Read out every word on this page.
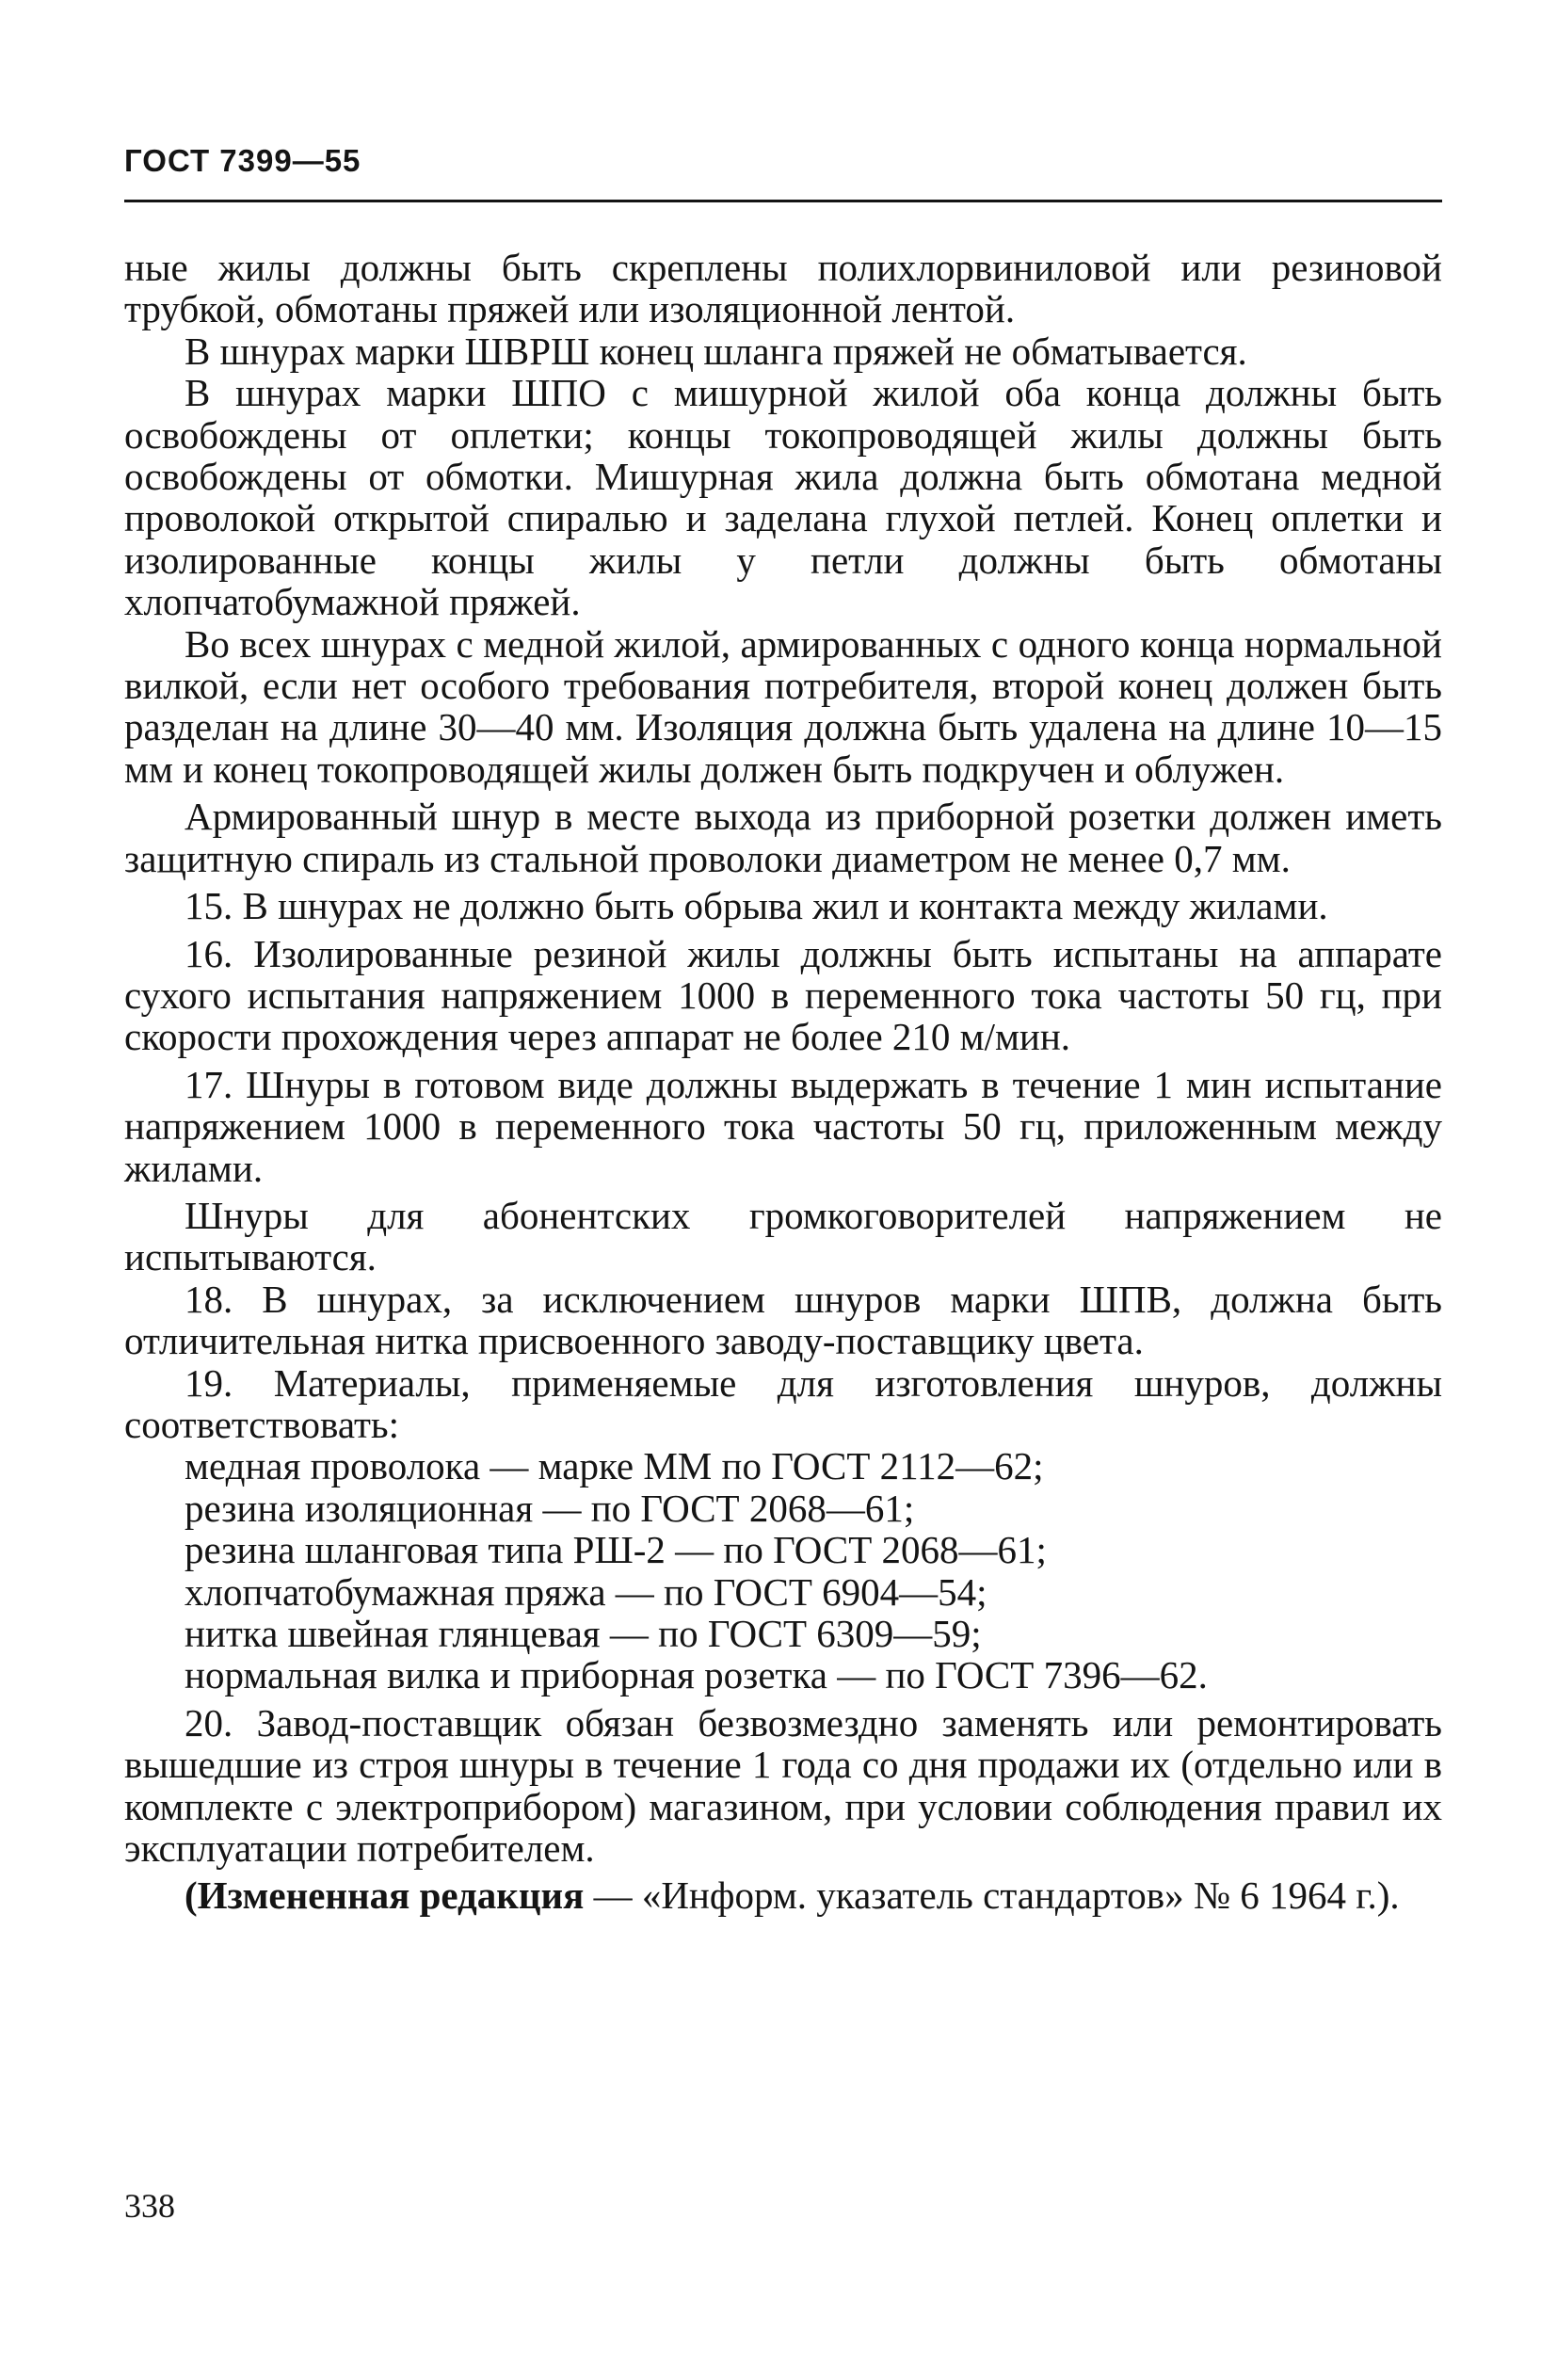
ГОСТ 7399—55

ные жилы должны быть скреплены полихлорвиниловой или резиновой трубкой, обмотаны пряжей или изоляционной лентой.

В шнурах марки ШВРШ конец шланга пряжей не обматывается.

В шнурах марки ШПО с мишурной жилой оба конца должны быть освобождены от оплетки; концы токопроводящей жилы должны быть освобождены от обмотки. Мишурная жила должна быть обмотана медной проволокой открытой спиралью и заделана глухой петлей. Конец оплетки и изолированные концы жилы у петли должны быть обмотаны хлопчатобумажной пряжей.

Во всех шнурах с медной жилой, армированных с одного конца нормальной вилкой, если нет особого требования потребителя, второй конец должен быть разделан на длине 30—40 мм. Изоляция должна быть удалена на длине 10—15 мм и конец токопроводящей жилы должен быть подкручен и облужен.

Армированный шнур в месте выхода из приборной розетки должен иметь защитную спираль из стальной проволоки диаметром не менее 0,7 мм.

15. В шнурах не должно быть обрыва жил и контакта между жилами.

16. Изолированные резиной жилы должны быть испытаны на аппарате сухого испытания напряжением 1000 в переменного тока частоты 50 гц, при скорости прохождения через аппарат не более 210 м/мин.

17. Шнуры в готовом виде должны выдержать в течение 1 мин испытание напряжением 1000 в переменного тока частоты 50 гц, приложенным между жилами.

Шнуры для абонентских громкоговорителей напряжением не испытываются.

18. В шнурах, за исключением шнуров марки ШПВ, должна быть отличительная нитка присвоенного заводу-поставщику цвета.

19. Материалы, применяемые для изготовления шнуров, должны соответствовать:

медная проволока — марке ММ по ГОСТ 2112—62;

резина изоляционная — по ГОСТ 2068—61;

резина шланговая типа РШ-2 — по ГОСТ 2068—61;

хлопчатобумажная пряжа — по ГОСТ 6904—54;

нитка швейная глянцевая — по ГОСТ 6309—59;

нормальная вилка и приборная розетка — по ГОСТ 7396—62.

20. Завод-поставщик обязан безвозмездно заменять или ремонтировать вышедшие из строя шнуры в течение 1 года со дня продажи их (отдельно или в комплекте с электроприбором) магазином, при условии соблюдения правил их эксплуатации потребителем.

(Измененная редакция — «Информ. указатель стандартов» № 6 1964 г.).

338
